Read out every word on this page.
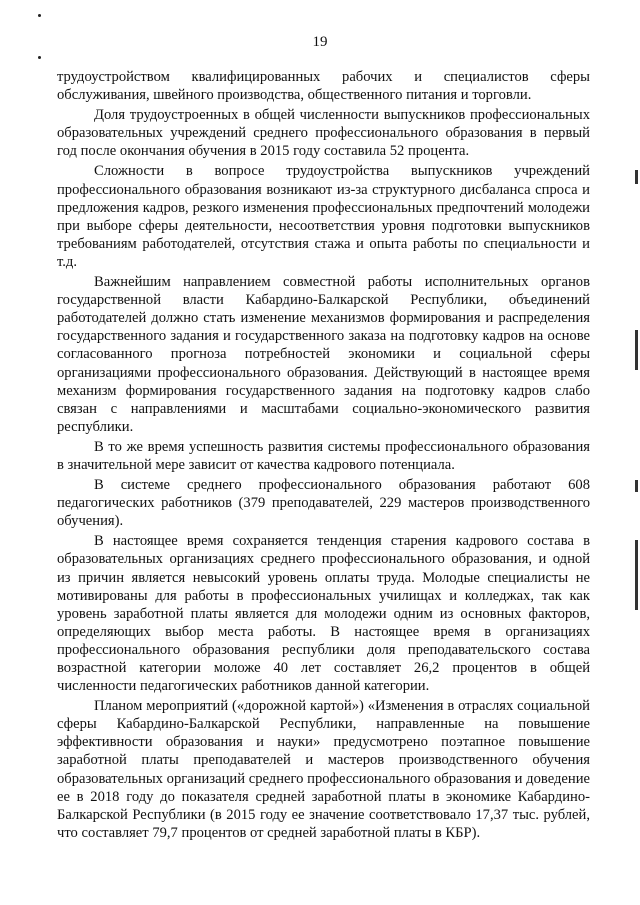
19

трудоустройством квалифицированных рабочих и специалистов сферы обслуживания, швейного производства, общественного питания и торговли.

Доля трудоустроенных в общей численности выпускников профессиональных образовательных учреждений среднего профессионального образования в первый год после окончания обучения в 2015 году составила 52 процента.

Сложности в вопросе трудоустройства выпускников учреждений профессионального образования возникают из-за структурного дисбаланса спроса и предложения кадров, резкого изменения профессиональных предпочтений молодежи при выборе сферы деятельности, несоответствия уровня подготовки выпускников требованиям работодателей, отсутствия стажа и опыта работы по специальности и т.д.

Важнейшим направлением совместной работы исполнительных органов государственной власти Кабардино-Балкарской Республики, объединений работодателей должно стать изменение механизмов формирования и распределения государственного задания и государственного заказа на подготовку кадров на основе согласованного прогноза потребностей экономики и социальной сферы организациями профессионального образования. Действующий в настоящее время механизм формирования государственного задания на подготовку кадров слабо связан с направлениями и масштабами социально-экономического развития республики.

В то же время успешность развития системы профессионального образования в значительной мере зависит от качества кадрового потенциала.

В системе среднего профессионального образования работают 608 педагогических работников (379 преподавателей, 229 мастеров производственного обучения).

В настоящее время сохраняется тенденция старения кадрового состава в образовательных организациях среднего профессионального образования, и одной из причин является невысокий уровень оплаты труда. Молодые специалисты не мотивированы для работы в профессиональных училищах и колледжах, так как уровень заработной платы является для молодежи одним из основных факторов, определяющих выбор места работы. В настоящее время в организациях профессионального образования республики доля преподавательского состава возрастной категории моложе 40 лет составляет 26,2 процентов в общей численности педагогических работников данной категории.

Планом мероприятий («дорожной картой») «Изменения в отраслях социальной сферы Кабардино-Балкарской Республики, направленные на повышение эффективности образования и науки» предусмотрено поэтапное повышение заработной платы преподавателей и мастеров производственного обучения образовательных организаций среднего профессионального образования и доведение ее в 2018 году до показателя средней заработной платы в экономике Кабардино-Балкарской Республики (в 2015 году ее значение соответствовало 17,37 тыс. рублей, что составляет 79,7 процентов от средней заработной платы в КБР).
